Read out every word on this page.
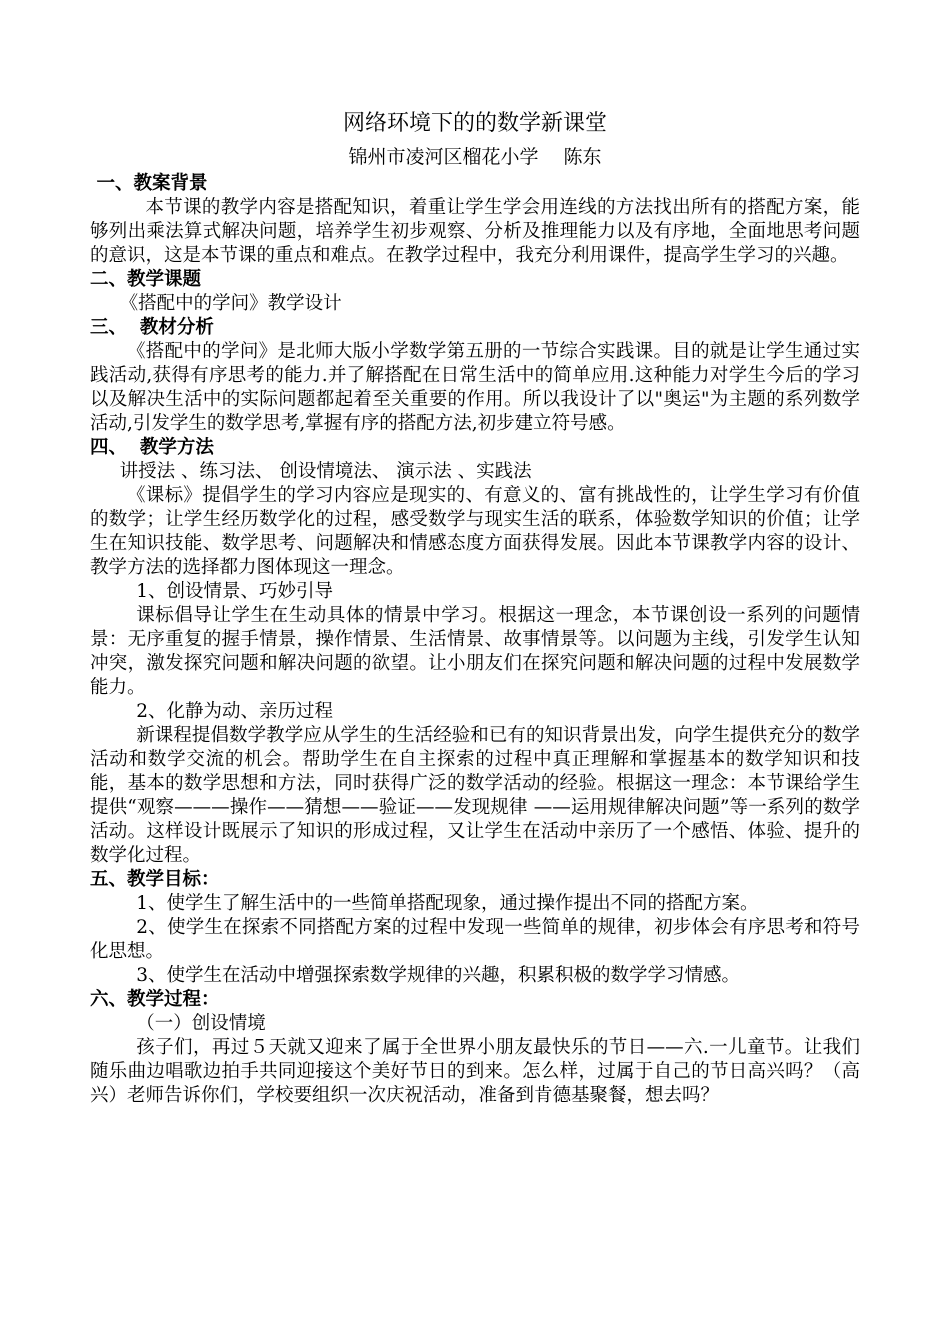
网络环境下的的数学新课堂

锦州市凌河区榴花小学　 陈东

一、教案背景

本节课的教学内容是搭配知识，着重让学生学会用连线的方法找出所有的搭配方案，能够列出乘法算式解决问题，培养学生初步观察、分析及推理能力以及有序地，全面地思考问题的意识，这是本节课的重点和难点。在教学过程中，我充分利用课件，提高学生学习的兴趣。

二、教学课题

《搭配中的学问》教学设计

三、  教材分析

《搭配中的学问》是北师大版小学数学第五册的一节综合实践课。目的就是让学生通过实践活动,获得有序思考的能力.并了解搭配在日常生活中的简单应用.这种能力对学生今后的学习以及解决生活中的实际问题都起着至关重要的作用。所以我设计了以"奥运"为主题的系列数学活动,引发学生的数学思考,掌握有序的搭配方法,初步建立符号感。

四、  教学方法

讲授法 、练习法、 创设情境法、 演示法 、实践法

《课标》提倡学生的学习内容应是现实的、有意义的、富有挑战性的，让学生学习有价值的数学；让学生经历数学化的过程，感受数学与现实生活的联系，体验数学知识的价值；让学生在知识技能、数学思考、问题解决和情感态度方面获得发展。因此本节课教学内容的设计、教学方法的选择都力图体现这一理念。

1、创设情景、巧妙引导

课标倡导让学生在生动具体的情景中学习。根据这一理念，本节课创设一系列的问题情景：无序重复的握手情景，操作情景、生活情景、故事情景等。以问题为主线，引发学生认知冲突，激发探究问题和解决问题的欲望。让小朋友们在探究问题和解决问题的过程中发展数学能力。

2、化静为动、亲历过程

新课程提倡数学教学应从学生的生活经验和已有的知识背景出发，向学生提供充分的数学活动和数学交流的机会。帮助学生在自主探索的过程中真正理解和掌握基本的数学知识和技能，基本的数学思想和方法，同时获得广泛的数学活动的经验。根据这一理念：本节课给学生提供“观察———操作——猜想——验证——发现规律 ——运用规律解决问题”等一系列的数学活动。这样设计既展示了知识的形成过程，又让学生在活动中亲历了一个感悟、体验、提升的数学化过程。

五、教学目标：

1、使学生了解生活中的一些简单搭配现象，通过操作提出不同的搭配方案。

2、使学生在探索不同搭配方案的过程中发现一些简单的规律，初步体会有序思考和符号化思想。

3、使学生在活动中增强探索数学规律的兴趣，积累积极的数学学习情感。

六、教学过程：

（一）创设情境

孩子们，再过５天就又迎来了属于全世界小朋友最快乐的节日——六.一儿童节。让我们随乐曲边唱歌边拍手共同迎接这个美好节日的到来。怎么样，过属于自己的节日高兴吗？（高兴）老师告诉你们，学校要组织一次庆祝活动，准备到肯德基聚餐，想去吗？
